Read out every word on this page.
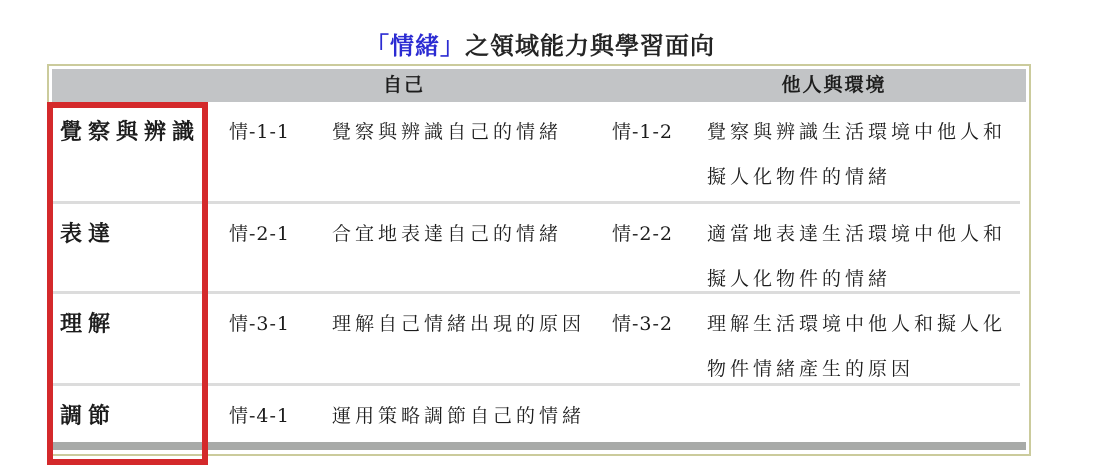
「情緒」之領域能力與學習面向
自己	他人與環境
覺察與辨識	情-1-1	覺察與辨識自己的情緒	情-1-2	覺察與辨識生活環境中他人和擬人化物件的情緒
表達	情-2-1	合宜地表達自己的情緒	情-2-2	適當地表達生活環境中他人和擬人化物件的情緒
理解	情-3-1	理解自己情緒出現的原因	情-3-2	理解生活環境中他人和擬人化物件情緒產生的原因
調節	情-4-1	運用策略調節自己的情緒
